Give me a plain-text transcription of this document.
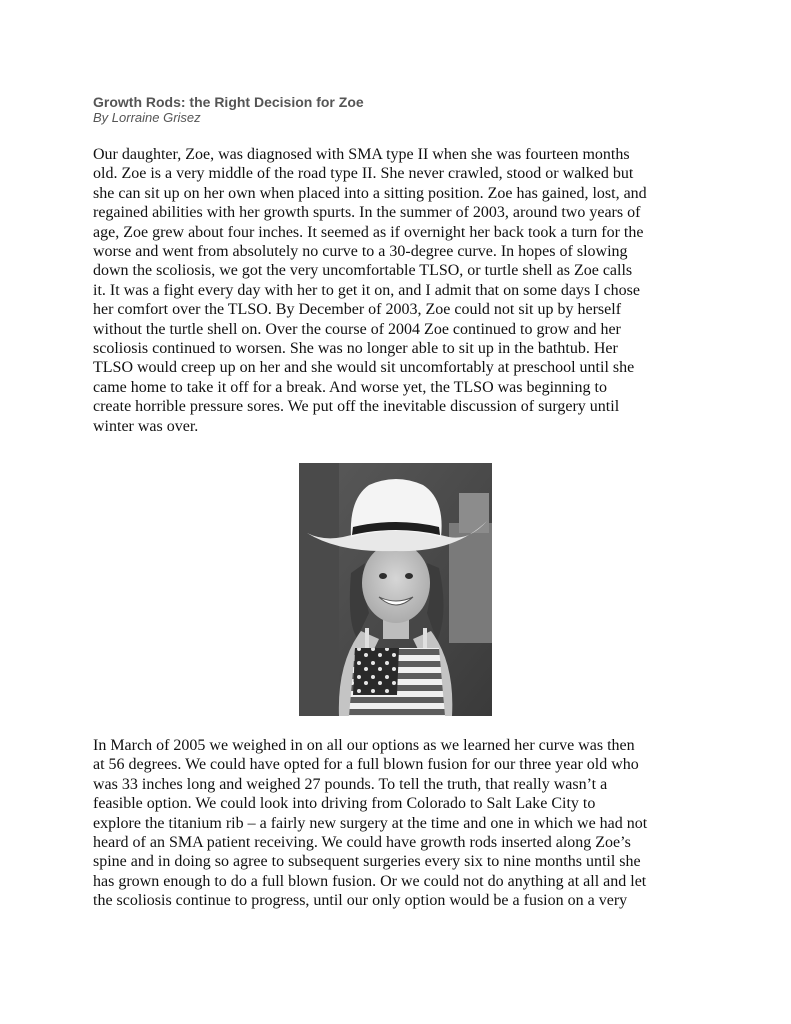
Growth Rods: the Right Decision for Zoe

By Lorraine Grisez

Our daughter, Zoe, was diagnosed with SMA type II when she was fourteen months
old. Zoe is a very middle of the road type II. She never crawled, stood or walked but
she can sit up on her own when placed into a sitting position. Zoe has gained, lost, and
regained abilities with her growth spurts. In the summer of 2003, around two years of
age, Zoe grew about four inches. It seemed as if overnight her back took a turn for the
worse and went from absolutely no curve to a 30-degree curve. In hopes of slowing
down the scoliosis, we got the very uncomfortable TLSO, or turtle shell as Zoe calls
it. It was a fight every day with her to get it on, and I admit that on some days I chose
her comfort over the TLSO. By December of 2003, Zoe could not sit up by herself
without the turtle shell on. Over the course of 2004 Zoe continued to grow and her
scoliosis continued to worsen. She was no longer able to sit up in the bathtub. Her
TLSO would creep up on her and she would sit uncomfortably at preschool until she
came home to take it off for a break. And worse yet, the TLSO was beginning to
create horrible pressure sores. We put off the inevitable discussion of surgery until
winter was over.

In March of 2005 we weighed in on all our options as we learned her curve was then
at 56 degrees. We could have opted for a full blown fusion for our three year old who
was 33 inches long and weighed 27 pounds. To tell the truth, that really wasn’t a
feasible option. We could look into driving from Colorado to Salt Lake City to
explore the titanium rib – a fairly new surgery at the time and one in which we had not
heard of an SMA patient receiving. We could have growth rods inserted along Zoe’s
spine and in doing so agree to subsequent surgeries every six to nine months until she
has grown enough to do a full blown fusion. Or we could not do anything at all and let
the scoliosis continue to progress, until our only option would be a fusion on a very
